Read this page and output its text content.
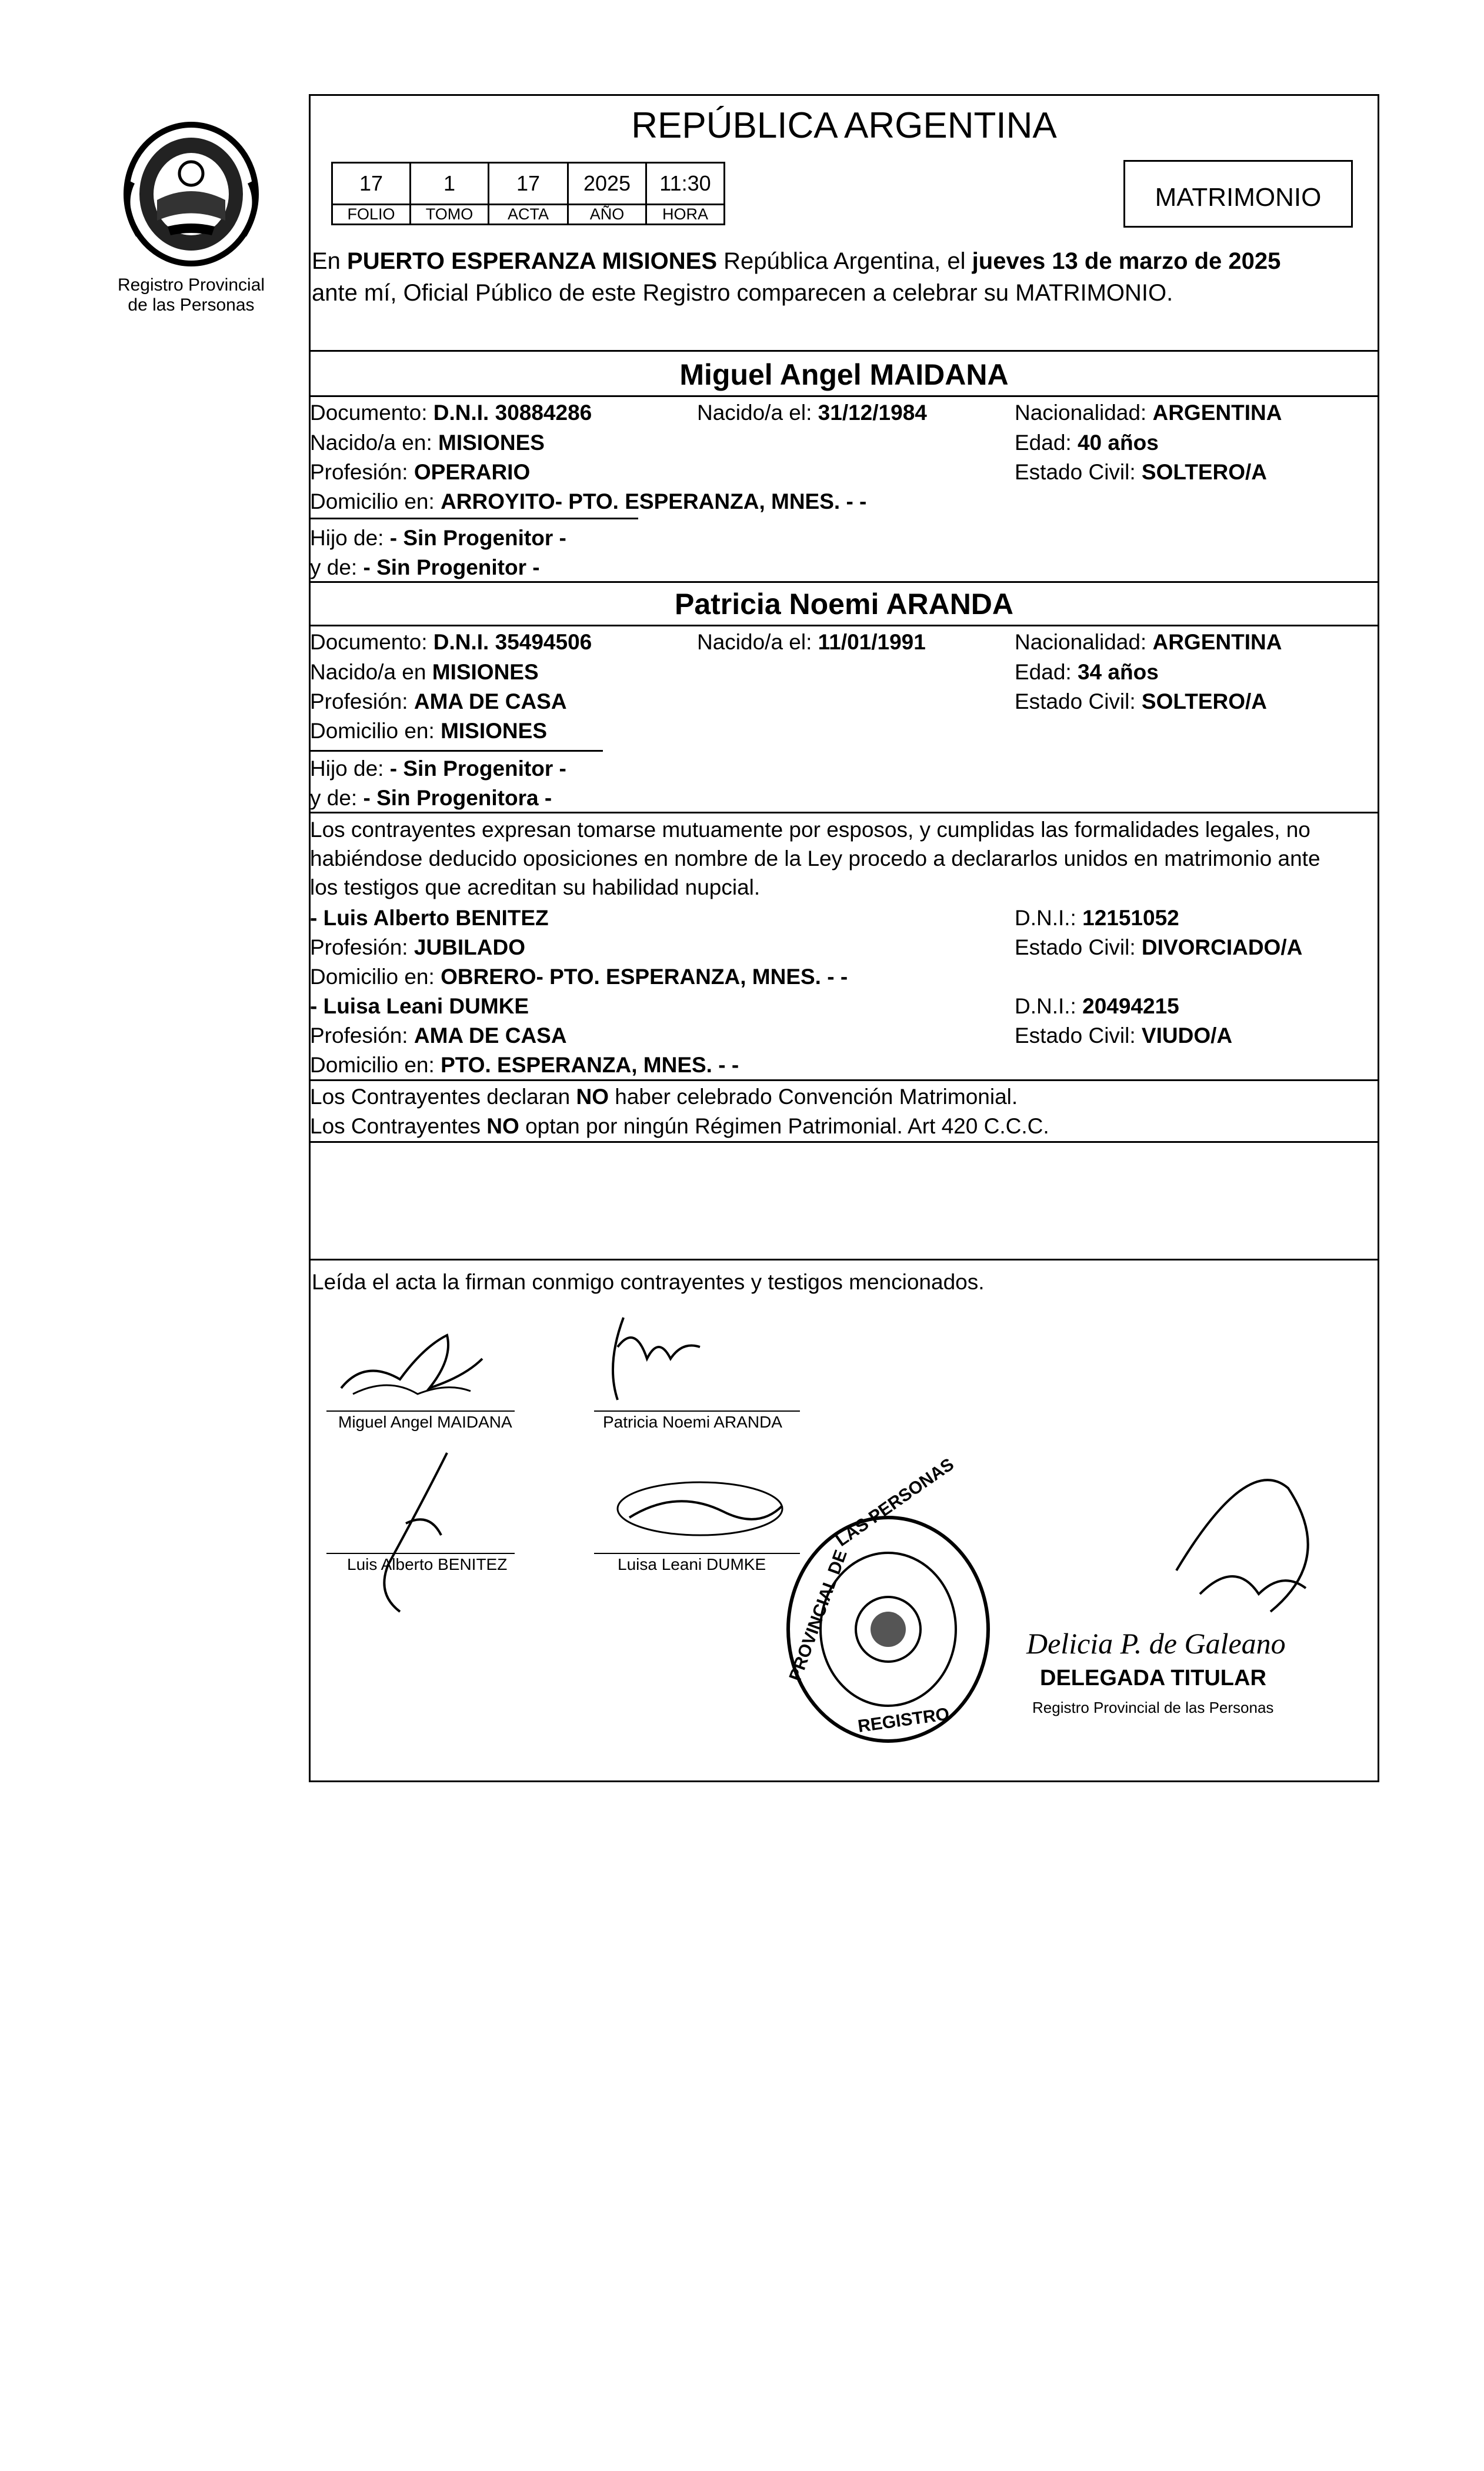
Registro Provincial
de las Personas
REPÚBLICA ARGENTINA
17	1	17	2025	11:30
FOLIO	TOMO	ACTA	AÑO	HORA
MATRIMONIO
En PUERTO ESPERANZA MISIONES República Argentina, el jueves 13 de marzo de 2025
ante mí, Oficial Público de este Registro comparecen a celebrar su MATRIMONIO.
Miguel Angel MAIDANA
Documento: D.N.I. 30884286	Nacido/a el: 31/12/1984	Nacionalidad: ARGENTINA
Nacido/a en: MISIONES	Edad: 40 años
Profesión: OPERARIO	Estado Civil: SOLTERO/A
Domicilio en: ARROYITO- PTO. ESPERANZA, MNES. - -
Hijo de: - Sin Progenitor -
y de: - Sin Progenitor -
Patricia Noemi ARANDA
Documento: D.N.I. 35494506	Nacido/a el: 11/01/1991	Nacionalidad: ARGENTINA
Nacido/a en MISIONES	Edad: 34 años
Profesión: AMA DE CASA	Estado Civil: SOLTERO/A
Domicilio en: MISIONES
Hijo de: - Sin Progenitor -
y de: - Sin Progenitora -
Los contrayentes expresan tomarse mutuamente por esposos, y cumplidas las formalidades legales, no
habiéndose deducido oposiciones en nombre de la Ley procedo a declararlos unidos en matrimonio ante
los testigos que acreditan su habilidad nupcial.
- Luis Alberto BENITEZ	D.N.I.: 12151052
Profesión: JUBILADO	Estado Civil: DIVORCIADO/A
Domicilio en: OBRERO- PTO. ESPERANZA, MNES. - -
- Luisa Leani DUMKE	D.N.I.: 20494215
Profesión: AMA DE CASA	Estado Civil: VIUDO/A
Domicilio en: PTO. ESPERANZA, MNES. - -
Los Contrayentes declaran NO haber celebrado Convención Matrimonial.
Los Contrayentes NO optan por ningún Régimen Patrimonial. Art 420 C.C.C.
Leída el acta la firman conmigo contrayentes y testigos mencionados.
Miguel Angel MAIDANA	Patricia Noemi ARANDA
Luis Alberto BENITEZ	Luisa Leani DUMKE PROVINCIAL DE
LAS PERSONAS
REGISTRO
Delicia P. de Galeano
DELEGADA TITULAR
Registro Provincial de las Personas
